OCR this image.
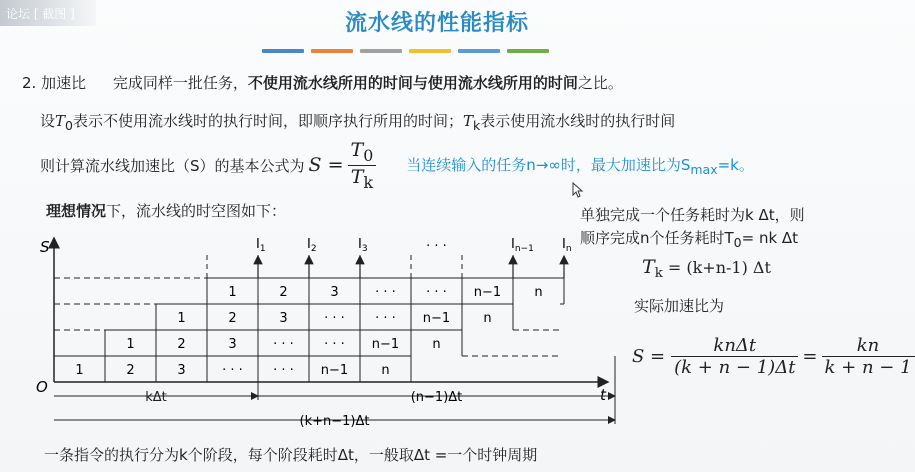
论坛 [ 截图 ]	流水线的性能指标
2. 加速比 完成同样一批任务，不使用流水线所用的时间与使用流水线所用的时间之比。
设$T_0$表示不使用流水线时的执行时间，即顺序执行所用的时间；$T_k$表示使用流水线时的执行时间
则计算流水线加速比（S）的基本公式为 $S = \frac{T_0}{T_k}$ 当连续输入的任务n→∞时，最大加速比为$S_{max}=k$。
理想情况下，流水线的时空图如下：	单独完成一个任务耗时为k Δt，则
顺序完成n个任务耗时$T_0=$ nk Δt
$T_k = (k+n-1)$ Δt
实际加速比为
$S = \frac{\text{knΔt}}{(k + n - 1)\Delta t} = \frac{kn}{k + n - 1}$
S
O	t
1	2	3	· · · · · · n−1	n
1	2	3	· · · · · · n−1	n
1	2	3	· · · · · · n−1	n
1	2	3	· · · · · · n−1	n
$I_1$	$I_2$	$I_3$	· · ·	$I_{n-1}$ $I_n$
kΔt	(n−1)Δt
(k+n−1)Δt
一条指令的执行分为k个阶段，每个阶段耗时Δt，一般取Δt =一个时钟周期
